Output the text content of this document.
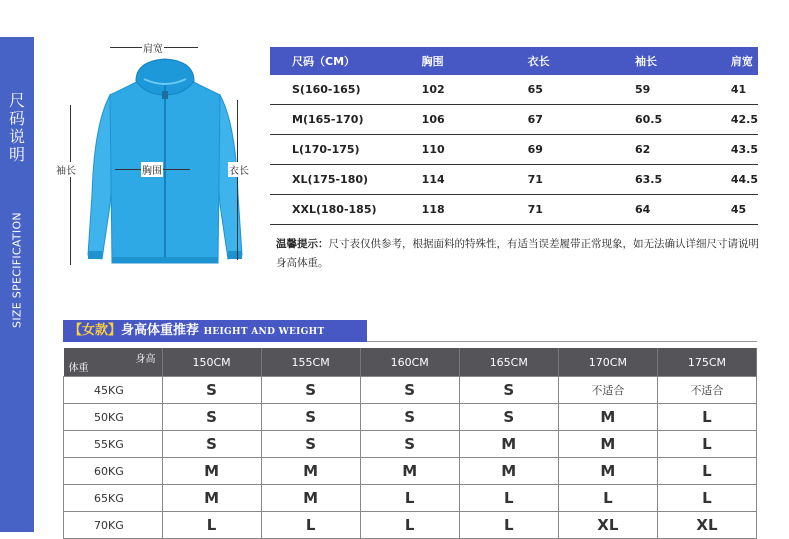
尺
码
说
明
SIZE SPECIFICATION
肩宽
袖长	胸围	衣长
尺码（CM）	胸围	衣长	袖长	肩宽
S(160-165)	102	65	59	41
M(165-170)	106	67	60.5	42.5
L(170-175)	110	69	62	43.5
XL(175-180)	114	71	63.5	44.5
XXL(180-185)	118	71	64	45
温馨提示：尺寸表仅供参考，根据面料的特殊性，有适当误差履带正常现象，如无法确认详细尺寸请说明身高体重。
【女款】身高体重推荐 HEIGHT AND WEIGHT
身高
体重	150CM	155CM	160CM	165CM	170CM	175CM
45KG	S	S	S	S	不适合	不适合
50KG	S	S	S	S	M	L
55KG	S	S	S	M	M	L
60KG	M	M	M	M	M	L
65KG	M	M	L	L	L	L
70KG	L	L	L	L	XL	XL
